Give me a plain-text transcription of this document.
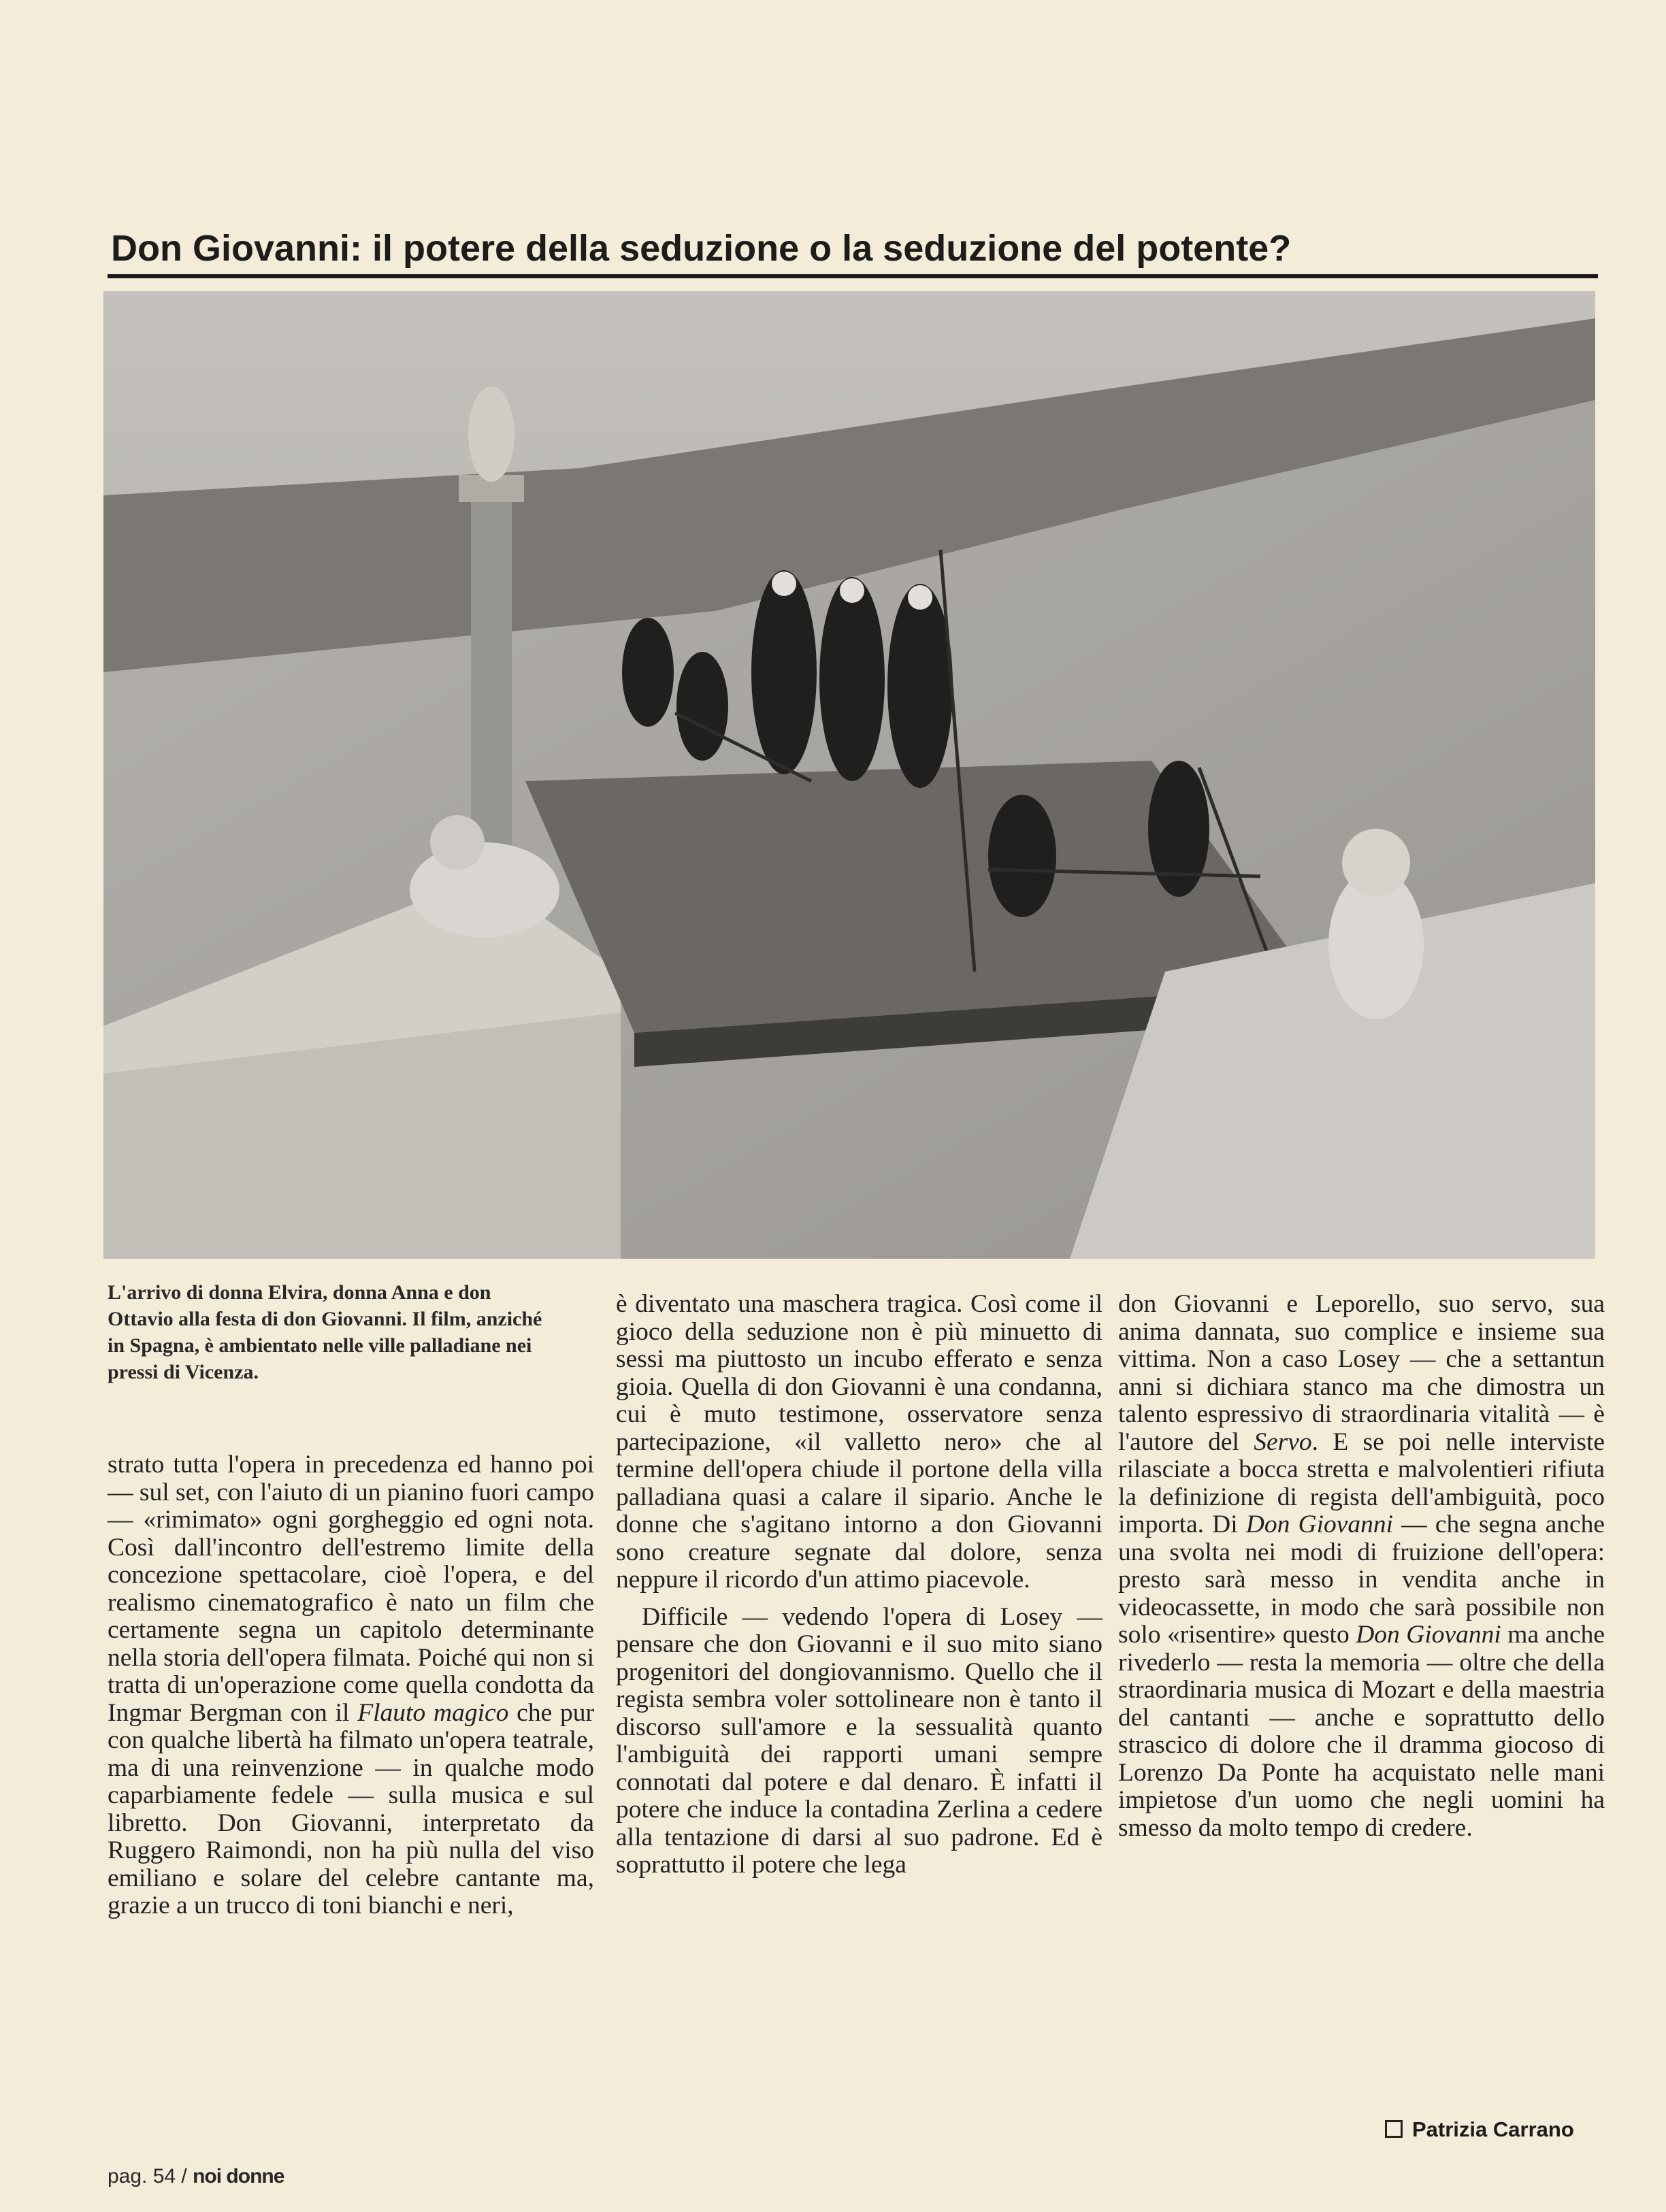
Don Giovanni: il potere della seduzione o la seduzione del potente?
L'arrivo di donna Elvira, donna Anna e don Ottavio alla festa di don Giovanni. Il film, anziché in Spagna, è ambientato nelle ville palladiane nei pressi di Vicenza.

strato tutta l'opera in precedenza ed hanno poi — sul set, con l'aiuto di un pianino fuori campo — «rimimato» ogni gorgheggio ed ogni nota. Così dall'incontro dell'estremo limite della concezione spettacolare, cioè l'opera, e del realismo cinematografico è nato un film che certamente segna un capitolo determinante nella storia dell'opera filmata. Poiché qui non si tratta di un'operazione come quella condotta da Ingmar Bergman con il Flauto magico che pur con qualche libertà ha filmato un'opera teatrale, ma di una reinvenzione — in qualche modo caparbiamente fedele — sulla musica e sul libretto. Don Giovanni, interpretato da Ruggero Raimondi, non ha più nulla del viso emiliano e solare del celebre cantante ma, grazie a un trucco di toni bianchi e neri,

è diventato una maschera tragica. Così come il gioco della seduzione non è più minuetto di sessi ma piuttosto un incubo efferato e senza gioia. Quella di don Giovanni è una condanna, cui è muto testimone, osservatore senza partecipazione, «il valletto nero» che al termine dell'opera chiude il portone della villa palladiana quasi a calare il sipario. Anche le donne che s'agitano intorno a don Giovanni sono creature segnate dal dolore, senza neppure il ricordo d'un attimo piacevole.

Difficile — vedendo l'opera di Losey — pensare che don Giovanni e il suo mito siano progenitori del dongiovannismo. Quello che il regista sembra voler sottolineare non è tanto il discorso sull'amore e la sessualità quanto l'ambiguità dei rapporti umani sempre connotati dal potere e dal denaro. È infatti il potere che induce la contadina Zerlina a cedere alla tentazione di darsi al suo padrone. Ed è soprattutto il potere che lega

don Giovanni e Leporello, suo servo, sua anima dannata, suo complice e insieme sua vittima. Non a caso Losey — che a settantun anni si dichiara stanco ma che dimostra un talento espressivo di straordinaria vitalità — è l'autore del Servo. E se poi nelle interviste rilasciate a bocca stretta e malvolentieri rifiuta la definizione di regista dell'ambiguità, poco importa. Di Don Giovanni — che segna anche una svolta nei modi di fruizione dell'opera: presto sarà messo in vendita anche in videocassette, in modo che sarà possibile non solo «risentire» questo Don Giovanni ma anche rivederlo — resta la memoria — oltre che della straordinaria musica di Mozart e della maestria del cantanti — anche e soprattutto dello strascico di dolore che il dramma giocoso di Lorenzo Da Ponte ha acquistato nelle mani impietose d'un uomo che negli uomini ha smesso da molto tempo di credere.

Patrizia Carrano
pag. 54 / noi donne
